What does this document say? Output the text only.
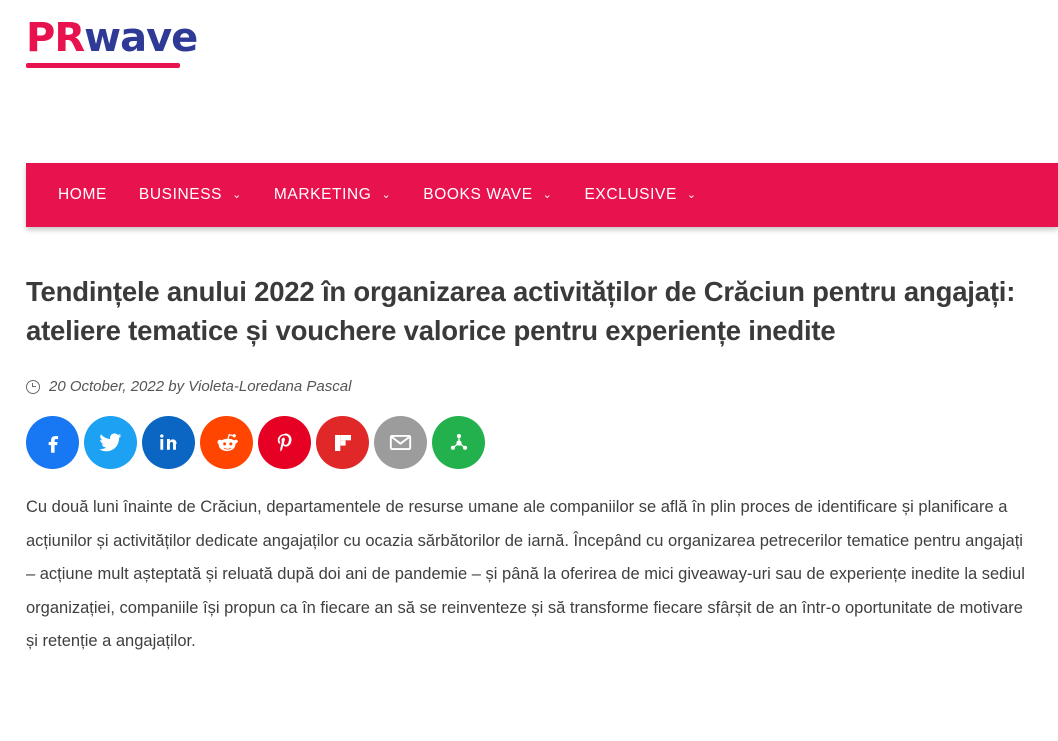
PRwave
HOME BUSINESS ⌄ MARKETING ⌄ BOOKS WAVE ⌄ EXCLUSIVE ⌄
Tendințele anului 2022 în organizarea activităților de Crăciun pentru angajați: ateliere tematice și vouchere valorice pentru experiențe inedite
20 October, 2022 by Violeta-Loredana Pascal

Cu două luni înainte de Crăciun, departamentele de resurse umane ale companiilor se află în plin proces de identificare și planificare a acțiunilor și activităților dedicate angajaților cu ocazia sărbătorilor de iarnă. Începând cu organizarea petrecerilor tematice pentru angajați – acțiune mult așteptată și reluată după doi ani de pandemie – și până la oferirea de mici giveaway-uri sau de experiențe inedite la sediul organizației, companiile își propun ca în fiecare an să se reinventeze și să transforme fiecare sfârșit de an într-o oportunitate de motivare și retenție a angajaților.
